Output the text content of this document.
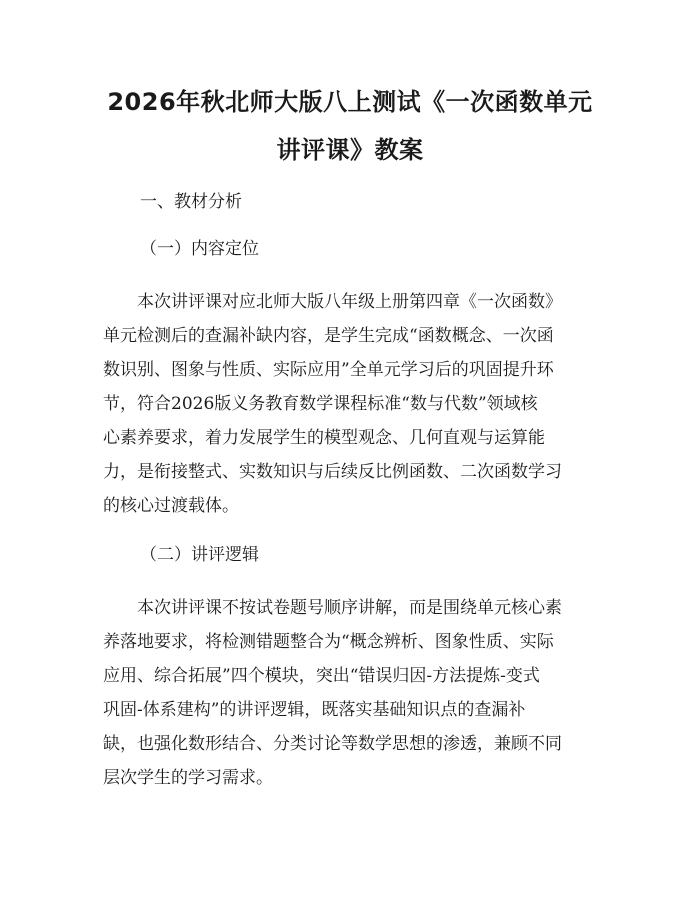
2026年秋北师大版八上测试《一次函数单元
讲评课》教案
一、教材分析
（一）内容定位
本次讲评课对应北师大版八年级上册第四章《一次函数》
单元检测后的查漏补缺内容，是学生完成“函数概念、一次函
数识别、图象与性质、实际应用”全单元学习后的巩固提升环
节，符合2026版义务教育数学课程标准“数与代数”领域核
心素养要求，着力发展学生的模型观念、几何直观与运算能
力，是衔接整式、实数知识与后续反比例函数、二次函数学习
的核心过渡载体。
（二）讲评逻辑
本次讲评课不按试卷题号顺序讲解，而是围绕单元核心素
养落地要求，将检测错题整合为“概念辨析、图象性质、实际
应用、综合拓展”四个模块，突出“错误归因-方法提炼-变式
巩固-体系建构”的讲评逻辑，既落实基础知识点的查漏补
缺，也强化数形结合、分类讨论等数学思想的渗透，兼顾不同
层次学生的学习需求。
